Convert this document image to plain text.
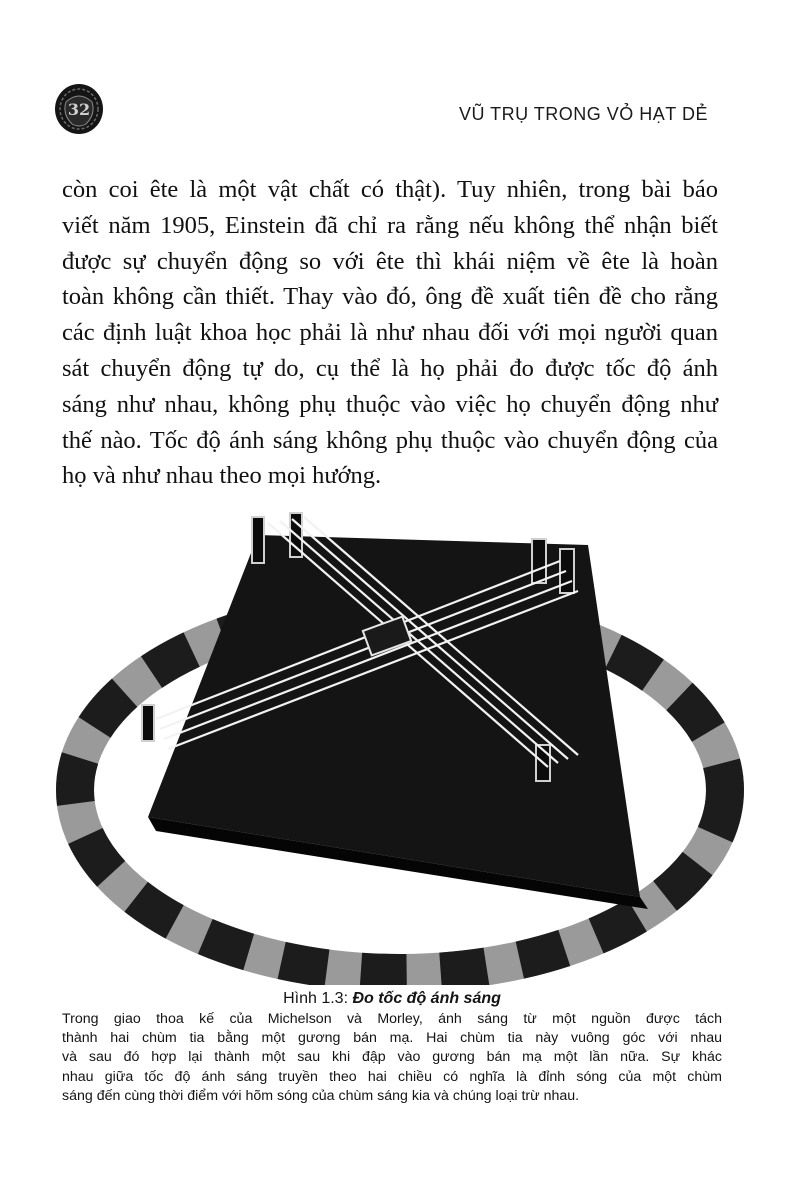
32	VŨ TRỤ TRONG VỎ HẠT DẺ

còn coi ête là một vật chất có thật). Tuy nhiên, trong bài báo
viết năm 1905, Einstein đã chỉ ra rằng nếu không thể nhận biết
được sự chuyển động so với ête thì khái niệm về ête là hoàn
toàn không cần thiết. Thay vào đó, ông đề xuất tiên đề cho rằng
các định luật khoa học phải là như nhau đối với mọi người quan
sát chuyển động tự do, cụ thể là họ phải đo được tốc độ ánh
sáng như nhau, không phụ thuộc vào việc họ chuyển động như
thế nào. Tốc độ ánh sáng không phụ thuộc vào chuyển động của
họ và như nhau theo mọi hướng.

Hình 1.3: Đo tốc độ ánh sáng
Trong giao thoa kế của Michelson và Morley, ánh sáng từ một nguồn được tách
thành hai chùm tia bằng một gương bán mạ. Hai chùm tia này vuông góc với nhau
và sau đó hợp lại thành một sau khi đập vào gương bán mạ một lần nữa. Sự khác
nhau giữa tốc độ ánh sáng truyền theo hai chiều có nghĩa là đỉnh sóng của một chùm
sáng đến cùng thời điểm với hõm sóng của chùm sáng kia và chúng loại trừ nhau.
